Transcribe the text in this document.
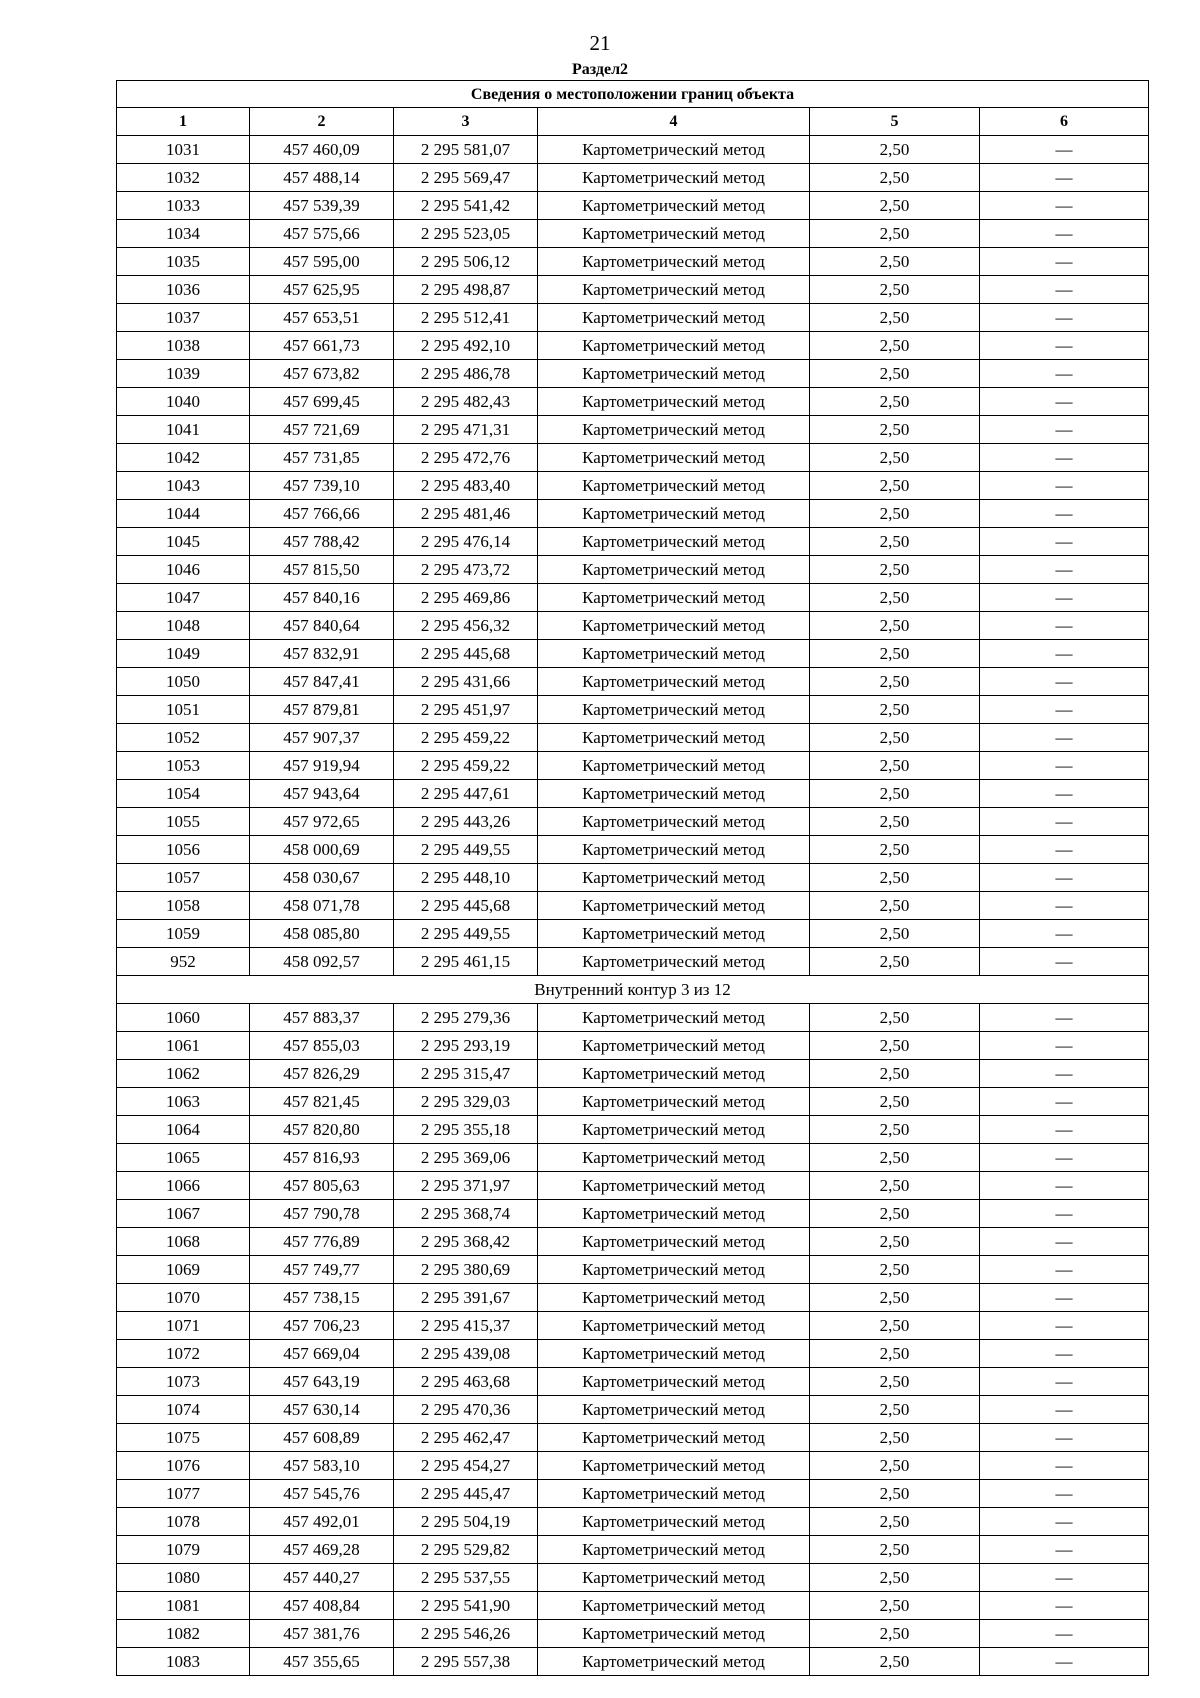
21
Раздел2
Сведения о местоположении границ объекта					
1	2	3	4	5	6
1031	457 460,09	2 295 581,07	Картометрический метод	2,50	—
1032	457 488,14	2 295 569,47	Картометрический метод	2,50	—
1033	457 539,39	2 295 541,42	Картометрический метод	2,50	—
1034	457 575,66	2 295 523,05	Картометрический метод	2,50	—
1035	457 595,00	2 295 506,12	Картометрический метод	2,50	—
1036	457 625,95	2 295 498,87	Картометрический метод	2,50	—
1037	457 653,51	2 295 512,41	Картометрический метод	2,50	—
1038	457 661,73	2 295 492,10	Картометрический метод	2,50	—
1039	457 673,82	2 295 486,78	Картометрический метод	2,50	—
1040	457 699,45	2 295 482,43	Картометрический метод	2,50	—
1041	457 721,69	2 295 471,31	Картометрический метод	2,50	—
1042	457 731,85	2 295 472,76	Картометрический метод	2,50	—
1043	457 739,10	2 295 483,40	Картометрический метод	2,50	—
1044	457 766,66	2 295 481,46	Картометрический метод	2,50	—
1045	457 788,42	2 295 476,14	Картометрический метод	2,50	—
1046	457 815,50	2 295 473,72	Картометрический метод	2,50	—
1047	457 840,16	2 295 469,86	Картометрический метод	2,50	—
1048	457 840,64	2 295 456,32	Картометрический метод	2,50	—
1049	457 832,91	2 295 445,68	Картометрический метод	2,50	—
1050	457 847,41	2 295 431,66	Картометрический метод	2,50	—
1051	457 879,81	2 295 451,97	Картометрический метод	2,50	—
1052	457 907,37	2 295 459,22	Картометрический метод	2,50	—
1053	457 919,94	2 295 459,22	Картометрический метод	2,50	—
1054	457 943,64	2 295 447,61	Картометрический метод	2,50	—
1055	457 972,65	2 295 443,26	Картометрический метод	2,50	—
1056	458 000,69	2 295 449,55	Картометрический метод	2,50	—
1057	458 030,67	2 295 448,10	Картометрический метод	2,50	—
1058	458 071,78	2 295 445,68	Картометрический метод	2,50	—
1059	458 085,80	2 295 449,55	Картометрический метод	2,50	—
952	458 092,57	2 295 461,15	Картометрический метод	2,50	—
Внутренний контур 3 из 12					
1060	457 883,37	2 295 279,36	Картометрический метод	2,50	—
1061	457 855,03	2 295 293,19	Картометрический метод	2,50	—
1062	457 826,29	2 295 315,47	Картометрический метод	2,50	—
1063	457 821,45	2 295 329,03	Картометрический метод	2,50	—
1064	457 820,80	2 295 355,18	Картометрический метод	2,50	—
1065	457 816,93	2 295 369,06	Картометрический метод	2,50	—
1066	457 805,63	2 295 371,97	Картометрический метод	2,50	—
1067	457 790,78	2 295 368,74	Картометрический метод	2,50	—
1068	457 776,89	2 295 368,42	Картометрический метод	2,50	—
1069	457 749,77	2 295 380,69	Картометрический метод	2,50	—
1070	457 738,15	2 295 391,67	Картометрический метод	2,50	—
1071	457 706,23	2 295 415,37	Картометрический метод	2,50	—
1072	457 669,04	2 295 439,08	Картометрический метод	2,50	—
1073	457 643,19	2 295 463,68	Картометрический метод	2,50	—
1074	457 630,14	2 295 470,36	Картометрический метод	2,50	—
1075	457 608,89	2 295 462,47	Картометрический метод	2,50	—
1076	457 583,10	2 295 454,27	Картометрический метод	2,50	—
1077	457 545,76	2 295 445,47	Картометрический метод	2,50	—
1078	457 492,01	2 295 504,19	Картометрический метод	2,50	—
1079	457 469,28	2 295 529,82	Картометрический метод	2,50	—
1080	457 440,27	2 295 537,55	Картометрический метод	2,50	—
1081	457 408,84	2 295 541,90	Картометрический метод	2,50	—
1082	457 381,76	2 295 546,26	Картометрический метод	2,50	—
1083	457 355,65	2 295 557,38	Картометрический метод	2,50	—
